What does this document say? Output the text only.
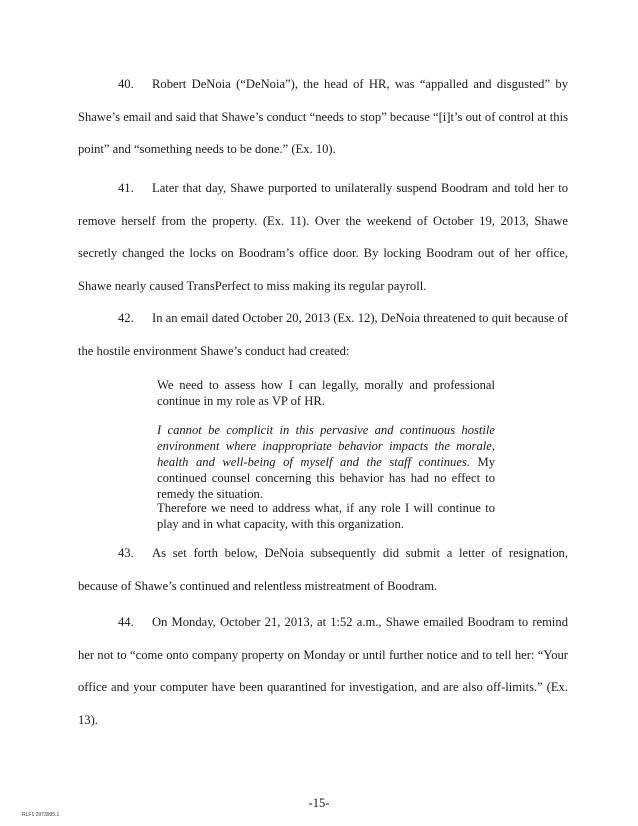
40. Robert DeNoia (“DeNoia”), the head of HR, was “appalled and disgusted” by Shawe’s email and said that Shawe’s conduct “needs to stop” because “[i]t’s out of control at this point” and “something needs to be done.” (Ex. 10).

41. Later that day, Shawe purported to unilaterally suspend Boodram and told her to remove herself from the property. (Ex. 11). Over the weekend of October 19, 2013, Shawe secretly changed the locks on Boodram’s office door. By locking Boodram out of her office, Shawe nearly caused TransPerfect to miss making its regular payroll.

42. In an email dated October 20, 2013 (Ex. 12), DeNoia threatened to quit because of the hostile environment Shawe’s conduct had created:

We need to assess how I can legally, morally and professional continue in my role as VP of HR.

I cannot be complicit in this pervasive and continuous hostile environment where inappropriate behavior impacts the morale, health and well-being of myself and the staff continues. My continued counsel concerning this behavior has had no effect to remedy the situation.

Therefore we need to address what, if any role I will continue to play and in what capacity, with this organization.

43. As set forth below, DeNoia subsequently did submit a letter of resignation, because of Shawe’s continued and relentless mistreatment of Boodram.

44. On Monday, October 21, 2013, at 1:52 a.m., Shawe emailed Boodram to remind her not to “come onto company property on Monday or until further notice and to tell her: “Your office and your computer have been quarantined for investigation, and are also off-limits.” (Ex. 13).

-15-
RLF1 2973995.1
